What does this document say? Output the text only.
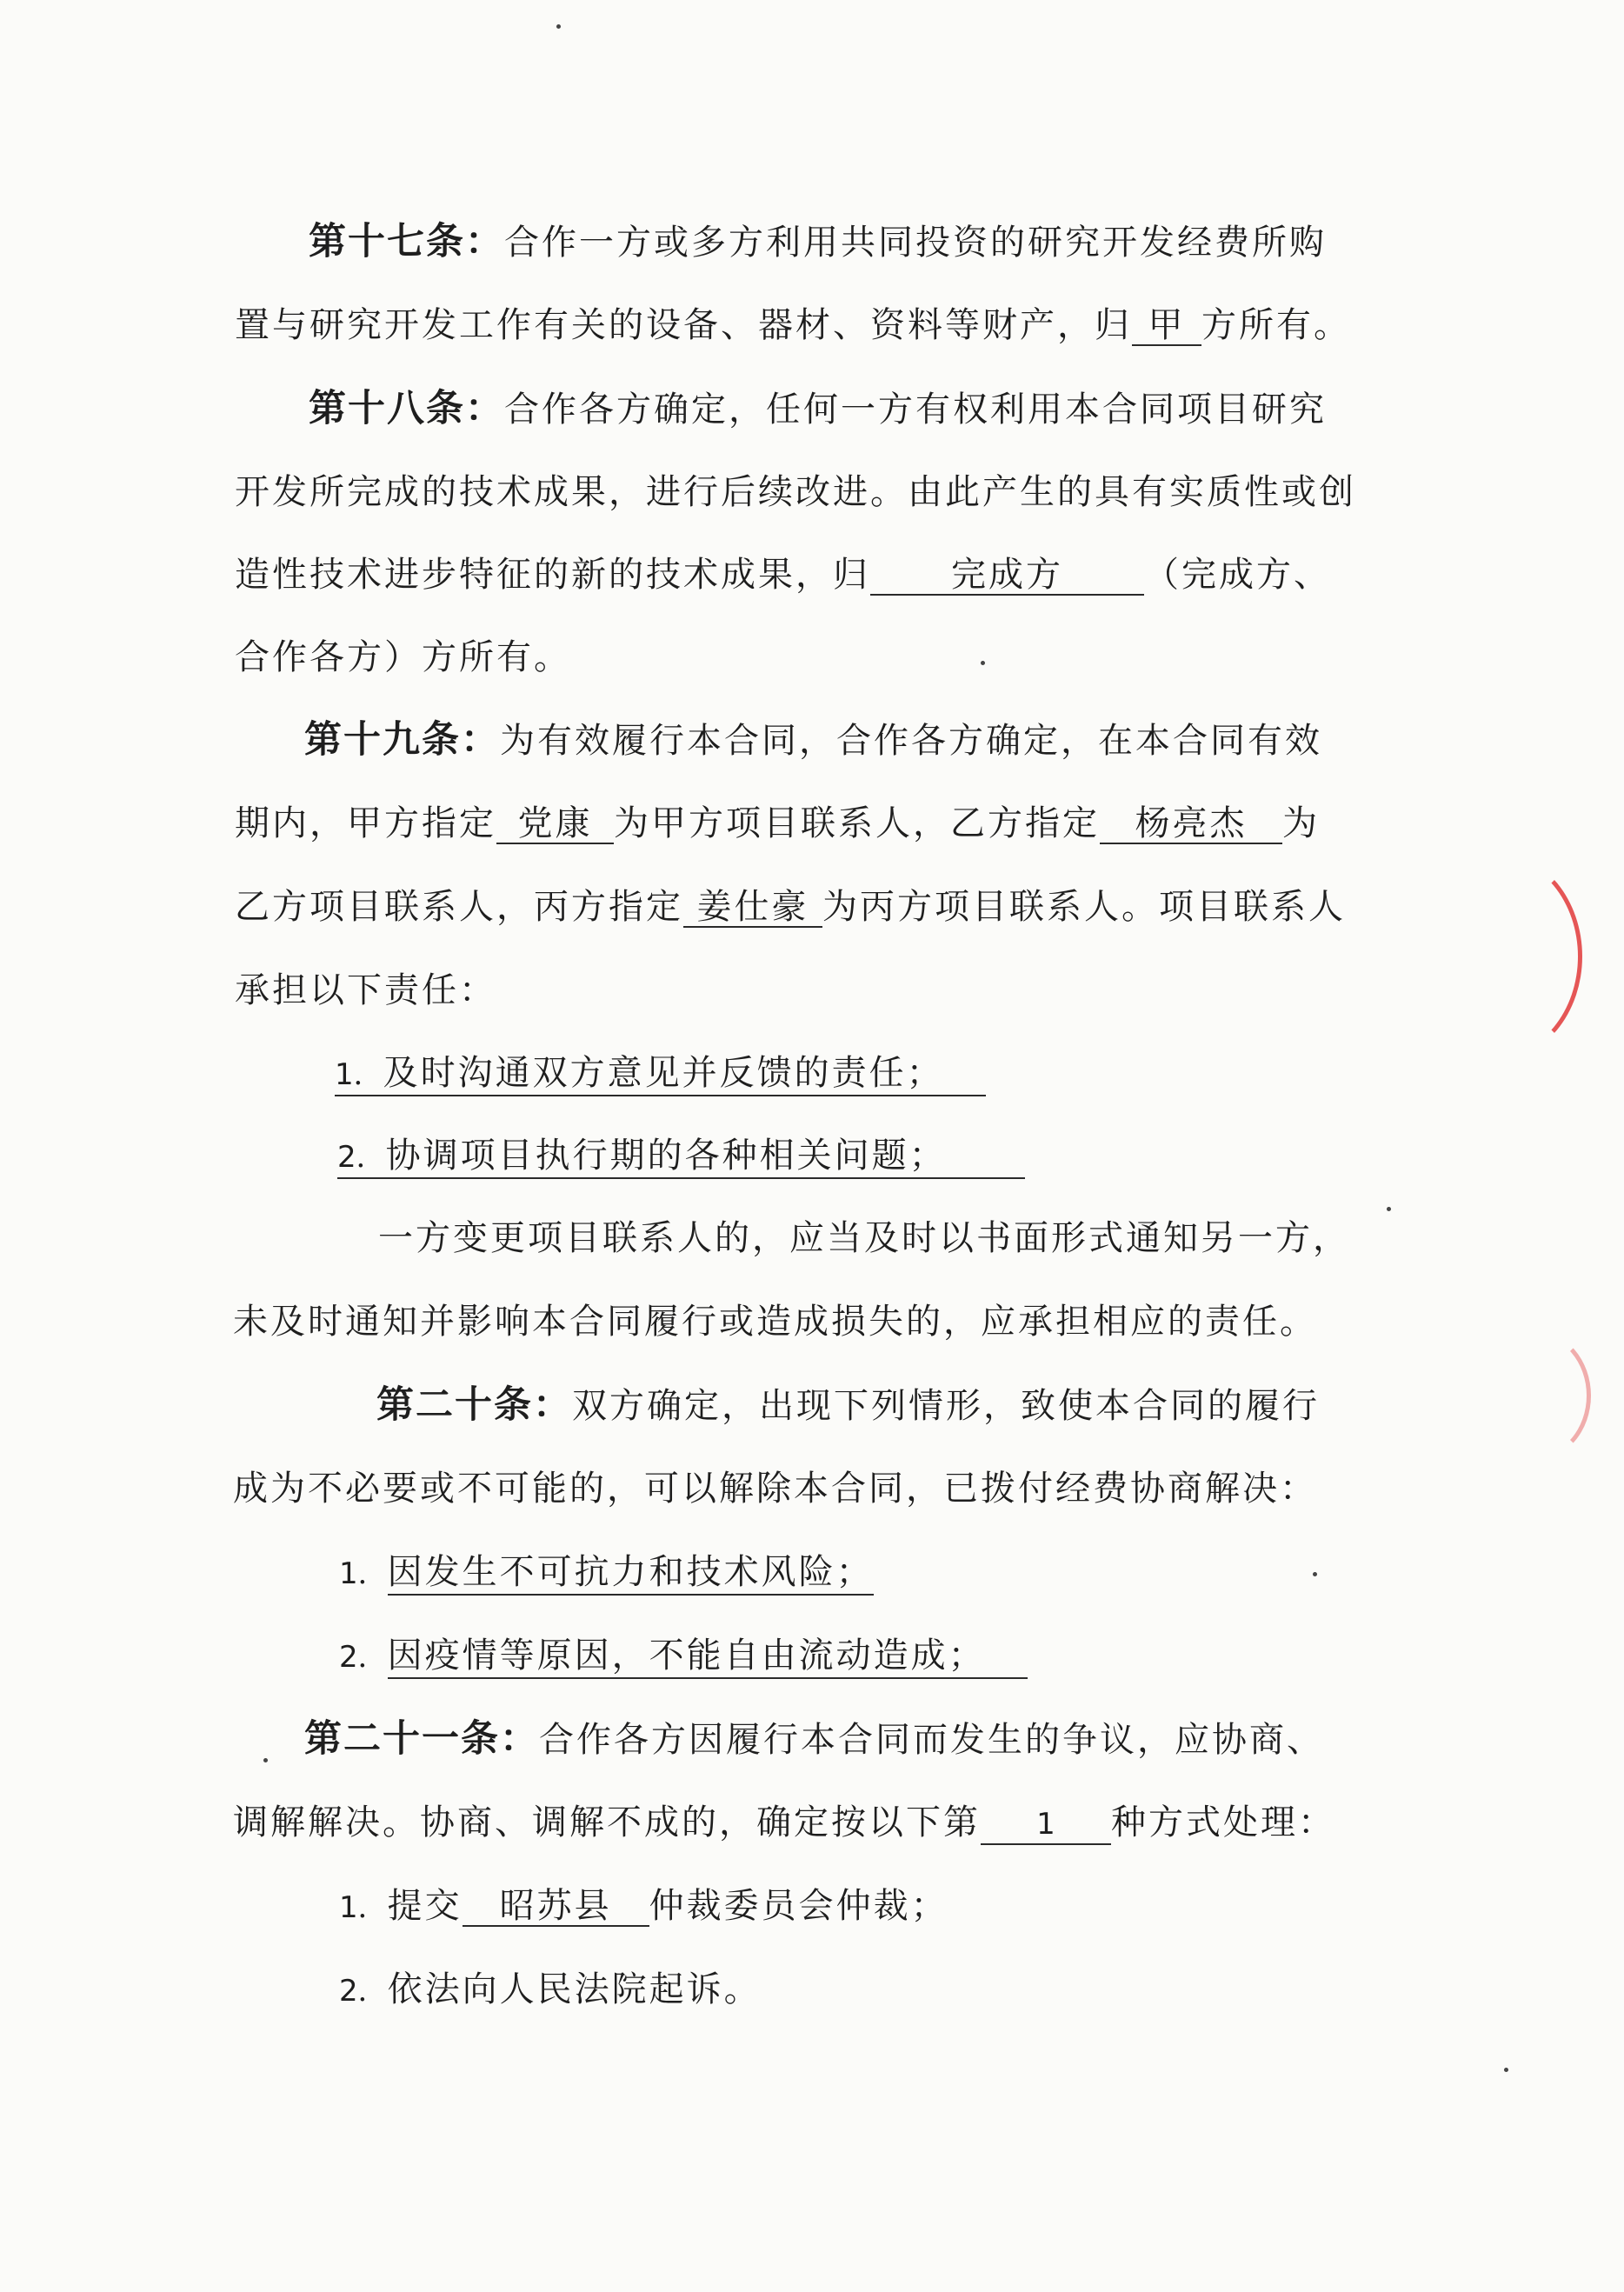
第十七条：合作一方或多方利用共同投资的研究开发经费所购
置与研究开发工作有关的设备、器材、资料等财产，归 甲 方所有。
第十八条：合作各方确定，任何一方有权利用本合同项目研究
开发所完成的技术成果，进行后续改进。由此产生的具有实质性或创
造性技术进步特征的新的技术成果，归 完成方 （完成方、
合作各方）方所有。
第十九条：为有效履行本合同，合作各方确定，在本合同有效
期内，甲方指定 党康 为甲方项目联系人，乙方指定 杨亮杰 为
乙方项目联系人，丙方指定 姜仕豪 为丙方项目联系人。项目联系人
承担以下责任：
1．及时沟通双方意见并反馈的责任；
2．协调项目执行期的各种相关问题；
一方变更项目联系人的，应当及时以书面形式通知另一方，
未及时通知并影响本合同履行或造成损失的，应承担相应的责任。
第二十条：双方确定，出现下列情形，致使本合同的履行
成为不必要或不可能的，可以解除本合同，已拨付经费协商解决：
1．因发生不可抗力和技术风险；
2．因疫情等原因，不能自由流动造成；
第二十一条：合作各方因履行本合同而发生的争议，应协商、
调解解决。协商、调解不成的，确定按以下第 1 种方式处理：
1．提交 昭苏县 仲裁委员会仲裁；
2．依法向人民法院起诉。
